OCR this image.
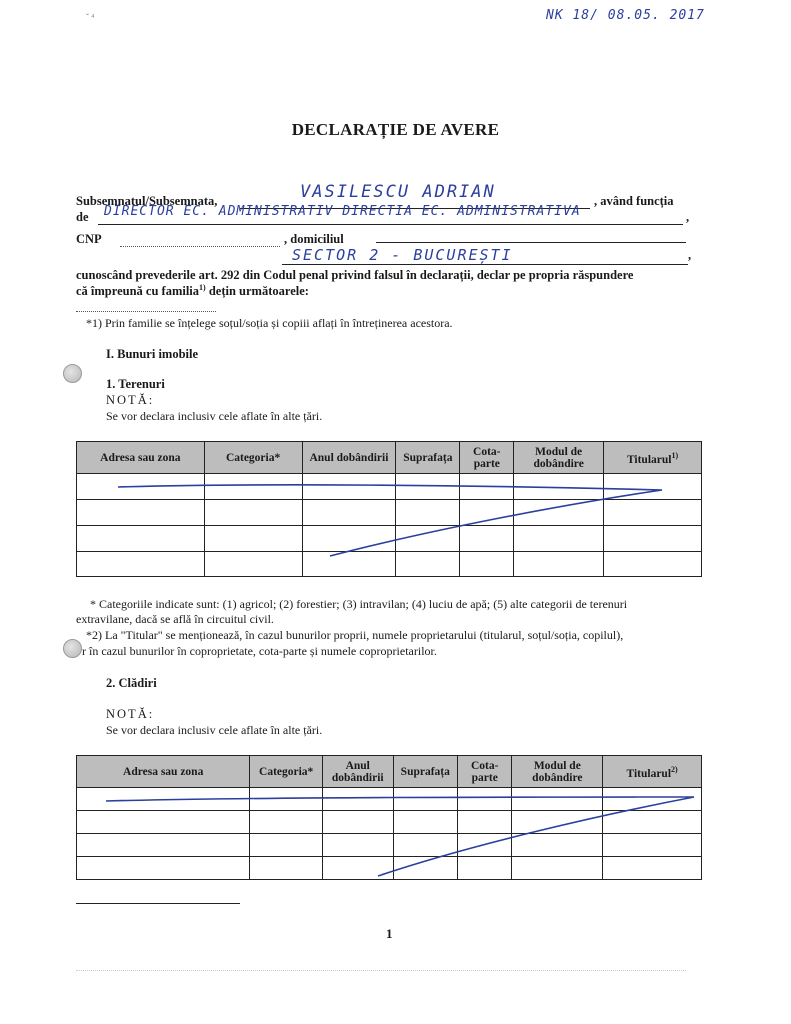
NK 18/ 08.05. 2017
ˇ ⁴
DECLARAȚIE DE AVERE
Subsemnatul/Subsemnata,	VASILESCU ADRIAN	, având funcția
de DIRECTOR EC. ADMINISTRATIV DIRECTIA EC. ADMINISTRATIVA	,
CNP	, domiciliul
SECTOR 2 - BUCUREȘTI	,
cunoscând prevederile art. 292 din Codul penal privind falsul în declarații, declar pe propria răspundere
că împreună cu familia$^{1)}$ dețin următoarele:
*1) Prin familie se înțelege soțul/soția și copiii aflați în întreținerea acestora.
I. Bunuri imobile
1. Terenuri
NOTĂ:
Se vor declara inclusiv cele aflate în alte țări.
Adresa sau zona	Categoria*	Anul dobândirii	Suprafața	Cota-parte	Modul de dobândire	Titularul$^{1)}$

* Categoriile indicate sunt: (1) agricol; (2) forestier; (3) intravilan; (4) luciu de apă; (5) alte categorii de terenuri
extravilane, dacă se află în circuitul civil.
*2) La "Titular" se menționează, în cazul bunurilor proprii, numele proprietarului (titularul, soțul/soția, copilul),
r în cazul bunurilor în coproprietate, cota-parte și numele coproprietarilor.
2. Clădiri
NOTĂ:
Se vor declara inclusiv cele aflate în alte țări.
Adresa sau zona	Categoria*	Anul dobândirii	Suprafața	Cota-parte	Modul de dobândire	Titularul$^{2)}$

1
